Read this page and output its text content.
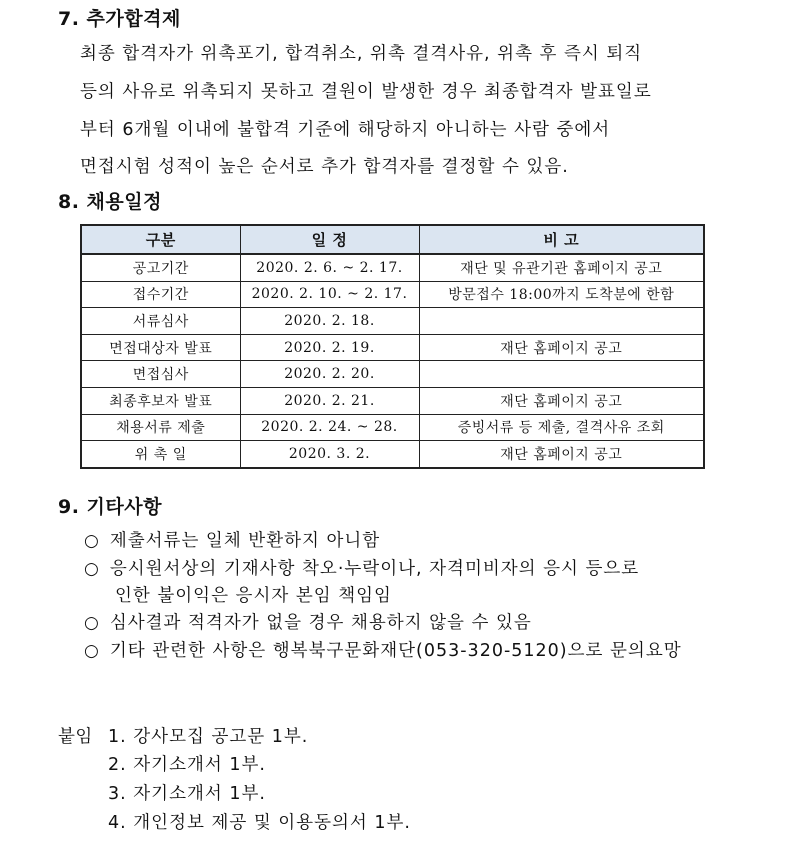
7. 추가합격제
최종 합격자가 위촉포기, 합격취소, 위촉 결격사유, 위촉 후 즉시 퇴직
등의 사유로 위촉되지 못하고 결원이 발생한 경우 최종합격자 발표일로
부터 6개월 이내에 불합격 기준에 해당하지 아니하는 사람 중에서
면접시험 성적이 높은 순서로 추가 합격자를 결정할 수 있음.
8. 채용일정
구분	일 정	비 고
공고기간	2020. 2. 6. ~ 2. 17.	재단 및 유관기관 홈페이지 공고
접수기간	2020. 2. 10. ~ 2. 17.	방문접수 18:00까지 도착분에 한함
서류심사	2020. 2. 18.	
면접대상자 발표	2020. 2. 19.	재단 홈페이지 공고
면접심사	2020. 2. 20.	
최종후보자 발표	2020. 2. 21.	재단 홈페이지 공고
채용서류 제출	2020. 2. 24. ~ 28.	증빙서류 등 제출, 결격사유 조회
위 촉 일	2020. 3. 2.	재단 홈페이지 공고
9. 기타사항
○ 제출서류는 일체 반환하지 아니함
○ 응시원서상의 기재사항 착오·누락이나, 자격미비자의 응시 등으로
인한 불이익은 응시자 본임 책임임
○ 심사결과 적격자가 없을 경우 채용하지 않을 수 있음
○ 기타 관련한 사항은 행복북구문화재단(053-320-5120)으로 문의요망
붙임 1. 강사모집 공고문 1부.
2. 자기소개서 1부.
3. 자기소개서 1부.
4. 개인정보 제공 및 이용동의서 1부.
